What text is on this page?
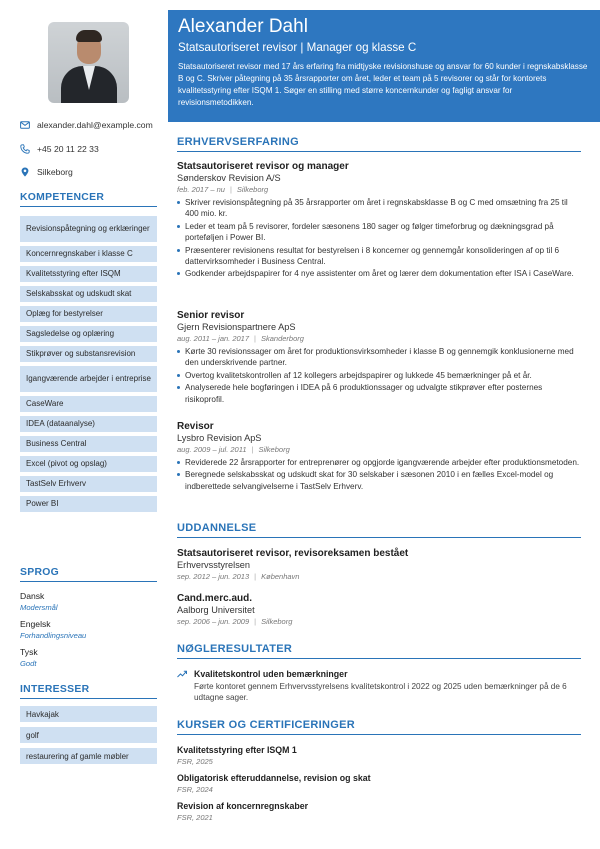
alexander.dahl@example.com
+45 20 11 22 33
Silkeborg
KOMPETENCER
Revisionspåtegning og erklæringer
Koncernregnskaber i klasse C
Kvalitetsstyring efter ISQM
Selskabsskat og udskudt skat
Oplæg for bestyrelser
Sagsledelse og oplæring
Stikprøver og substansrevision
Igangværende arbejder i entreprise
CaseWare
IDEA (dataanalyse)
Business Central
Excel (pivot og opslag)
TastSelv Erhverv
Power BI
SPROG
Dansk
Modersmål
Engelsk
Forhandlingsniveau
Tysk
Godt
INTERESSER
Havkajak
golf
restaurering af gamle møbler
Alexander Dahl
Statsautoriseret revisor | Manager og klasse C
Statsautoriseret revisor med 17 års erfaring fra midtjyske revisionshuse og ansvar for 60 kunder i regnskabsklasse B og C. Skriver påtegning på 35 årsrapporter om året, leder et team på 5 revisorer og står for kontorets kvalitetsstyring efter ISQM 1. Søger en stilling med større koncernkunder og fagligt ansvar for revisionsmetodikken.
ERHVERVSERFARING
Statsautoriseret revisor og manager
Sønderskov Revision A/S
feb. 2017 – nu | Silkeborg
Skriver revisionspåtegning på 35 årsrapporter om året i regnskabsklasse B og C med omsætning fra 25 til 400 mio. kr.
Leder et team på 5 revisorer, fordeler sæsonens 180 sager og følger timeforbrug og dækningsgrad på porteføljen i Power BI.
Præsenterer revisionens resultat for bestyrelsen i 8 koncerner og gennemgår konsolideringen af op til 6 dattervirksomheder i Business Central.
Godkender arbejdspapirer for 4 nye assistenter om året og lærer dem dokumentation efter ISA i CaseWare.
Senior revisor
Gjern Revisionspartnere ApS
aug. 2011 – jan. 2017 | Skanderborg
Kørte 30 revisionssager om året for produktionsvirksomheder i klasse B og gennemgik konklusionerne med den underskrivende partner.
Overtog kvalitetskontrollen af 12 kollegers arbejdspapirer og lukkede 45 bemærkninger på et år.
Analyserede hele bogføringen i IDEA på 6 produktionssager og udvalgte stikprøver efter posternes risikoprofil.
Revisor
Lysbro Revision ApS
aug. 2009 – jul. 2011 | Silkeborg
Reviderede 22 årsrapporter for entreprenører og opgjorde igangværende arbejder efter produktionsmetoden.
Beregnede selskabsskat og udskudt skat for 30 selskaber i sæsonen 2010 i en fælles Excel-model og indberettede selvangivelserne i TastSelv Erhverv.
UDDANNELSE
Statsautoriseret revisor, revisoreksamen bestået
Erhvervsstyrelsen
sep. 2012 – jun. 2013 | København
Cand.merc.aud.
Aalborg Universitet
sep. 2006 – jun. 2009 | Silkeborg
NØGLERESULTATER
Kvalitetskontrol uden bemærkninger
Førte kontoret gennem Erhvervsstyrelsens kvalitetskontrol i 2022 og 2025 uden bemærkninger på de 6 udtagne sager.
KURSER OG CERTIFICERINGER
Kvalitetsstyring efter ISQM 1
FSR, 2025
Obligatorisk efteruddannelse, revision og skat
FSR, 2024
Revision af koncernregnskaber
FSR, 2021
